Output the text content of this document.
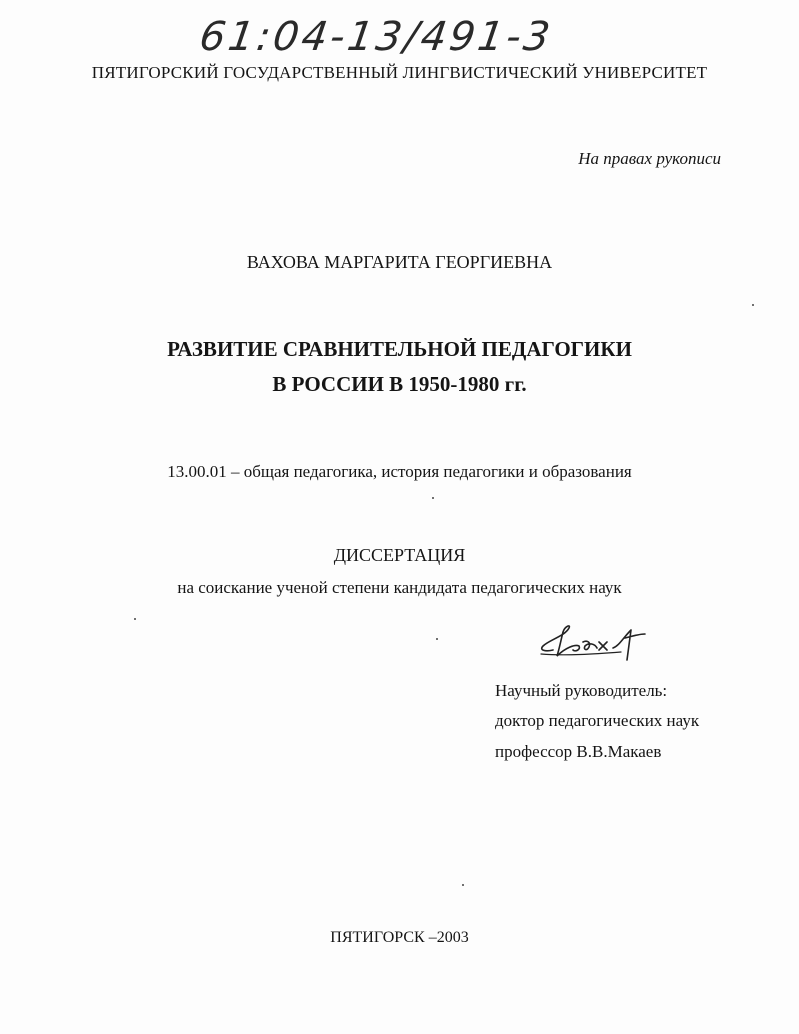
61:04-13/491-3
ПЯТИГОРСКИЙ ГОСУДАРСТВЕННЫЙ ЛИНГВИСТИЧЕСКИЙ УНИВЕРСИТЕТ
На правах рукописи
ВАХОВА МАРГАРИТА ГЕОРГИЕВНА
РАЗВИТИЕ СРАВНИТЕЛЬНОЙ ПЕДАГОГИКИ
В РОССИИ В 1950-1980 гг.
13.00.01 – общая педагогика, история педагогики и образования
ДИССЕРТАЦИЯ
на соискание ученой степени кандидата педагогических наук
Научный руководитель:
доктор педагогических наук
профессор В.В.Макаев
ПЯТИГОРСК –2003
